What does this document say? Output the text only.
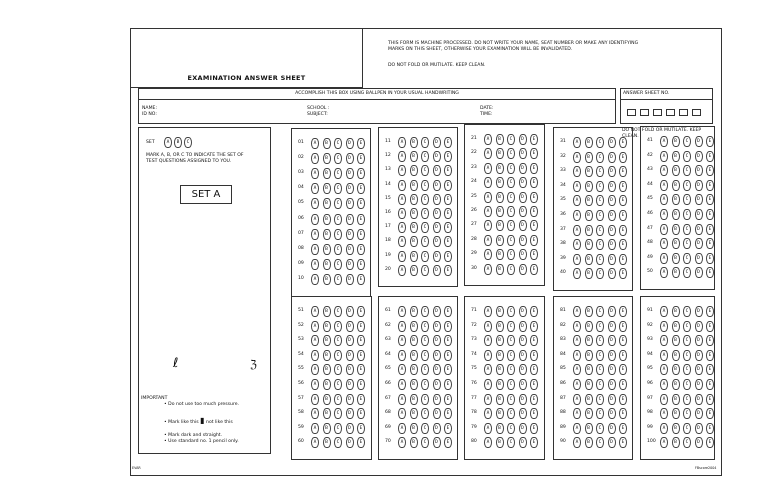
EXAMINATION ANSWER SHEET
THIS FORM IS MACHINE PROCESSED. DO NOT WRITE YOUR NAME, SEAT NUMBER OR MAKE ANY IDENTIFYING
MARKS ON THIS SHEET, OTHERWISE YOUR EXAMINATION WILL BE INVALIDATED.
DO NOT FOLD OR MUTILATE. KEEP CLEAN.
ACCOMPLISH THIS BOX USING BALLPEN IN YOUR USUAL HANDWRITING
NAME:
ID NO:
SCHOOL :
SUBJECT:
DATE:
TIME:
ANSWER SHEET NO.
DO NOT FOLD OR MUTILATE. KEEP CLEAN.
SET	A	B	C
MARK A, B, OR C TO INDICATE THE SET OF TEST QUESTIONS ASSIGNED TO YOU.
SET A
ℓ	ℨ
IMPORTANT
• Do not use too much pressure.
• Mark like this ▮ not like this
• Mark dark and straight.
• Use standard no. 1 pencil only.
01	A	B	C	D	E
02	A	B	C	D	E
03	A	B	C	D	E
04	A	B	C	D	E
05	A	B	C	D	E
06	A	B	C	D	E
07	A	B	C	D	E
08	A	B	C	D	E
09	A	B	C	D	E
10	A	B	C	D	E
11	A	B	C	D	E
12	A	B	C	D	E
13	A	B	C	D	E
14	A	B	C	D	E
15	A	B	C	D	E
16	A	B	C	D	E
17	A	B	C	D	E
18	A	B	C	D	E
19	A	B	C	D	E
20	A	B	C	D	E
21	A	B	C	D	E
22	A	B	C	D	E
23	A	B	C	D	E
24	A	B	C	D	E
25	A	B	C	D	E
26	A	B	C	D	E
27	A	B	C	D	E
28	A	B	C	D	E
29	A	B	C	D	E
30	A	B	C	D	E
31	A	B	C	D	E
32	A	B	C	D	E
33	A	B	C	D	E
34	A	B	C	D	E
35	A	B	C	D	E
36	A	B	C	D	E
37	A	B	C	D	E
38	A	B	C	D	E
39	A	B	C	D	E
40	A	B	C	D	E
41	A	B	C	D	E
42	A	B	C	D	E
43	A	B	C	D	E
44	A	B	C	D	E
45	A	B	C	D	E
46	A	B	C	D	E
47	A	B	C	D	E
48	A	B	C	D	E
49	A	B	C	D	E
50	A	B	C	D	E
51	A	B	C	D	E
52	A	B	C	D	E
53	A	B	C	D	E
54	A	B	C	D	E
55	A	B	C	D	E
56	A	B	C	D	E
57	A	B	C	D	E
58	A	B	C	D	E
59	A	B	C	D	E
60	A	B	C	D	E
61	A	B	C	D	E
62	A	B	C	D	E
63	A	B	C	D	E
64	A	B	C	D	E
65	A	B	C	D	E
66	A	B	C	D	E
67	A	B	C	D	E
68	A	B	C	D	E
69	A	B	C	D	E
70	A	B	C	D	E
71	A	B	C	D	E
72	A	B	C	D	E
73	A	B	C	D	E
74	A	B	C	D	E
75	A	B	C	D	E
76	A	B	C	D	E
77	A	B	C	D	E
78	A	B	C	D	E
79	A	B	C	D	E
80	A	B	C	D	E
81	A	B	C	D	E
82	A	B	C	D	E
83	A	B	C	D	E
84	A	B	C	D	E
85	A	B	C	D	E
86	A	B	C	D	E
87	A	B	C	D	E
88	A	B	C	D	E
89	A	B	C	D	E
90	A	B	C	D	E
91	A	B	C	D	E
92	A	B	C	D	E
93	A	B	C	D	E
94	A	B	C	D	E
95	A	B	C	D	E
96	A	B	C	D	E
97	A	B	C	D	E
98	A	B	C	D	E
99	A	B	C	D	E
100	A	B	C	D	E
EVAR	FBscore2004
